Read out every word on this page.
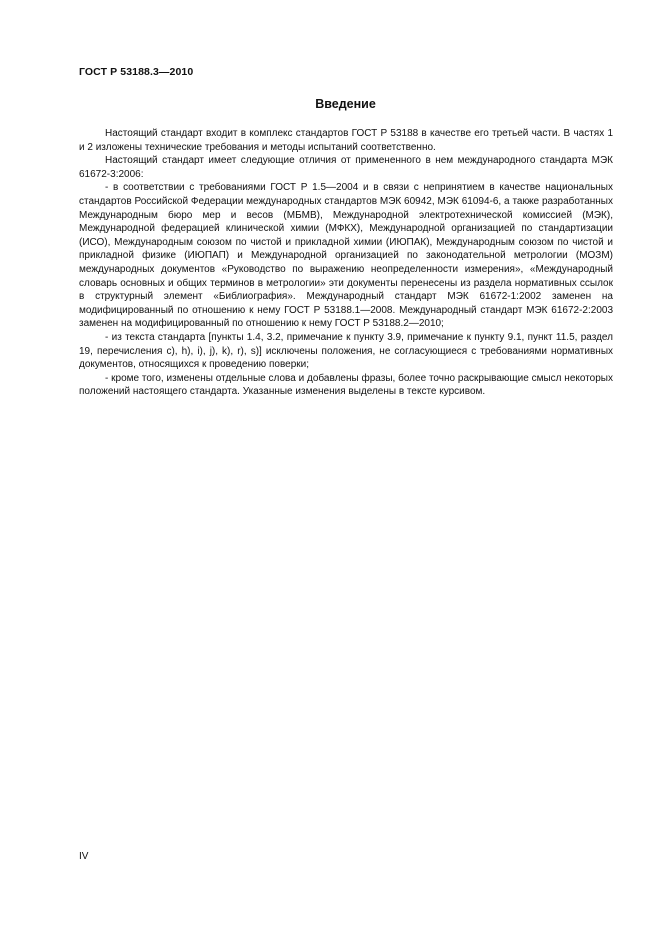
ГОСТ Р 53188.3—2010
Введение

Настоящий стандарт входит в комплекс стандартов ГОСТ Р 53188 в качестве его третьей части. В частях 1 и 2 изложены технические требования и методы испытаний соответственно.

Настоящий стандарт имеет следующие отличия от примененного в нем международного стандарта МЭК 61672-3:2006:

- в соответствии с требованиями ГОСТ Р 1.5—2004 и в связи с непринятием в качестве национальных стандартов Российской Федерации международных стандартов МЭК 60942, МЭК 61094-6, а также разработанных Международным бюро мер и весов (МБМВ), Международной электротехнической комиссией (МЭК), Международной федерацией клинической химии (МФКХ), Международной организацией по стандартизации (ИСО), Международным союзом по чистой и прикладной химии (ИЮПАК), Международным союзом по чистой и прикладной физике (ИЮПАП) и Международной организацией по законодательной метрологии (МОЗМ) международных документов «Руководство по выражению неопределенности измерения», «Международный словарь основных и общих терминов в метрологии» эти документы перенесены из раздела нормативных ссылок в структурный элемент «Библиография». Международный стандарт МЭК 61672-1:2002 заменен на модифицированный по отношению к нему ГОСТ Р 53188.1—2008. Международный стандарт МЭК 61672-2:2003 заменен на модифицированный по отношению к нему ГОСТ Р 53188.2—2010;

- из текста стандарта [пункты 1.4, 3.2, примечание к пункту 3.9, примечание к пункту 9.1, пункт 11.5, раздел 19, перечисления с), h), i), j), k), r), s)] исключены положения, не согласующиеся с требованиями нормативных документов, относящихся к проведению поверки;

- кроме того, изменены отдельные слова и добавлены фразы, более точно раскрывающие смысл некоторых положений настоящего стандарта. Указанные изменения выделены в тексте курсивом.

IV
